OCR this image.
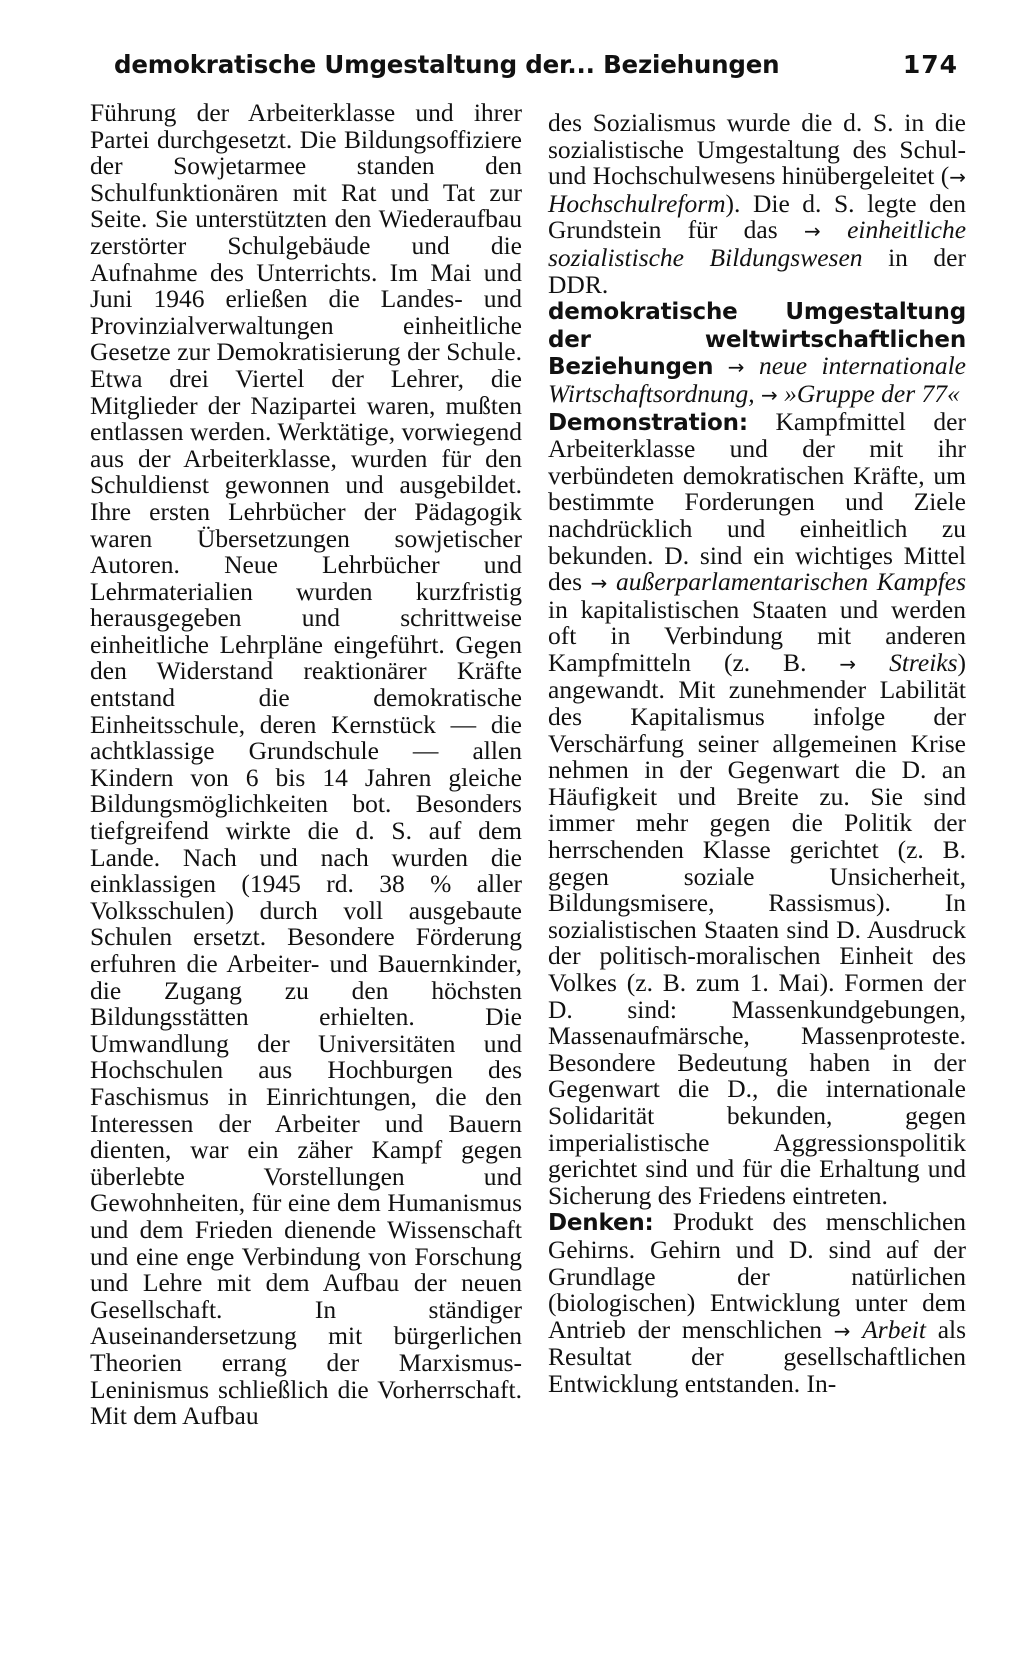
demokratische Umgestaltung der... Beziehungen	174

Führung der Arbeiterklasse und ihrer Partei durchgesetzt. Die Bildungsoffiziere der Sowjetarmee standen den Schulfunktionären mit Rat und Tat zur Seite. Sie unterstützten den Wiederaufbau zerstörter Schulgebäude und die Aufnahme des Unterrichts. Im Mai und Juni 1946 erließen die Landes- und Provinzialverwaltungen einheitliche Gesetze zur Demokratisierung der Schule. Etwa drei Viertel der Lehrer, die Mitglieder der Nazipartei waren, mußten entlassen werden. Werktätige, vorwiegend aus der Arbeiterklasse, wurden für den Schuldienst gewonnen und ausgebildet. Ihre ersten Lehrbücher der Pädagogik waren Übersetzungen sowjetischer Autoren. Neue Lehrbücher und Lehrmaterialien wurden kurzfristig herausgegeben und schrittweise einheitliche Lehrpläne eingeführt. Gegen den Widerstand reaktionärer Kräfte entstand die demokratische Einheitsschule, deren Kernstück — die achtklassige Grundschule — allen Kindern von 6 bis 14 Jahren gleiche Bildungsmöglichkeiten bot. Besonders tiefgreifend wirkte die d. S. auf dem Lande. Nach und nach wurden die einklassigen (1945 rd. 38 % aller Volksschulen) durch voll ausgebaute Schulen ersetzt. Besondere Förderung erfuhren die Arbeiter- und Bauernkinder, die Zugang zu den höchsten Bildungsstätten erhielten. Die Umwandlung der Universitäten und Hochschulen aus Hochburgen des Faschismus in Einrichtungen, die den Interessen der Arbeiter und Bauern dienten, war ein zäher Kampf gegen überlebte Vorstellungen und Gewohnheiten, für eine dem Humanismus und dem Frieden dienende Wissenschaft und eine enge Verbindung von Forschung und Lehre mit dem Aufbau der neuen Gesellschaft. In ständiger Auseinandersetzung mit bürgerlichen Theorien errang der Marxismus-Leninismus schließlich die Vorherrschaft. Mit dem Aufbau

des Sozialismus wurde die d. S. in die sozialistische Umgestaltung des Schul- und Hochschulwesens hinübergeleitet (→ Hochschulreform). Die d. S. legte den Grundstein für das → einheitliche sozialistische Bildungswesen in der DDR.

demokratische Umgestaltung der weltwirtschaftlichen Beziehungen → neue internationale Wirtschaftsordnung, → »Gruppe der 77«

Demonstration: Kampfmittel der Arbeiterklasse und der mit ihr verbündeten demokratischen Kräfte, um bestimmte Forderungen und Ziele nachdrücklich und einheitlich zu bekunden. D. sind ein wichtiges Mittel des → außerparlamentarischen Kampfes in kapitalistischen Staaten und werden oft in Verbindung mit anderen Kampfmitteln (z. B. → Streiks) angewandt. Mit zunehmender Labilität des Kapitalismus infolge der Verschärfung seiner allgemeinen Krise nehmen in der Gegenwart die D. an Häufigkeit und Breite zu. Sie sind immer mehr gegen die Politik der herrschenden Klasse gerichtet (z. B. gegen soziale Unsicherheit, Bildungsmisere, Rassismus). In sozialistischen Staaten sind D. Ausdruck der politisch-moralischen Einheit des Volkes (z. B. zum 1. Mai). Formen der D. sind: Massenkundgebungen, Massenaufmärsche, Massenproteste. Besondere Bedeutung haben in der Gegenwart die D., die internationale Solidarität bekunden, gegen imperialistische Aggressionspolitik gerichtet sind und für die Erhaltung und Sicherung des Friedens eintreten.

Denken: Produkt des menschlichen Gehirns. Gehirn und D. sind auf der Grundlage der natürlichen (biologischen) Entwicklung unter dem Antrieb der menschlichen → Arbeit als Resultat der gesellschaftlichen Entwicklung entstanden. In-
